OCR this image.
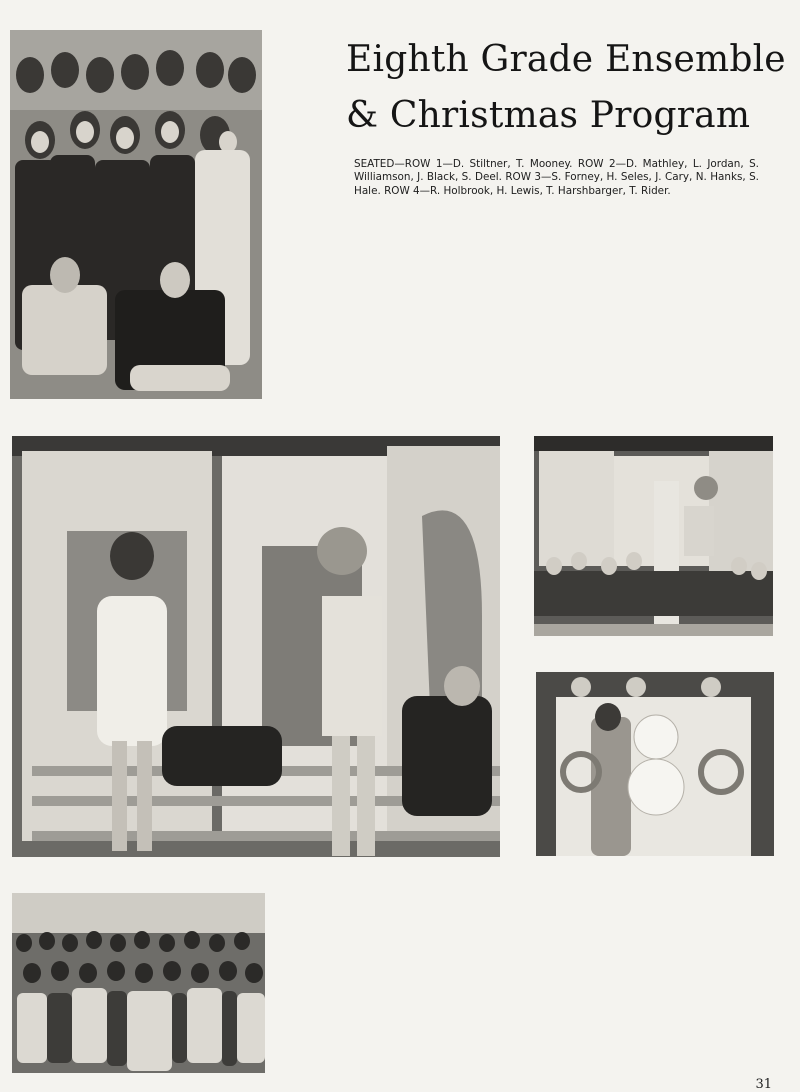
Eighth Grade Ensemble
& Christmas Program
SEATED—ROW 1—D. Stiltner, T. Mooney. ROW 2—D. Mathley, L. Jordan, S. Williamson, J. Black, S. Deel. ROW 3—S. Forney, H. Seles, J. Cary, N. Hanks, S. Hale. ROW 4—R. Holbrook, H. Lewis, T. Harshbarger, T. Rider.
31
